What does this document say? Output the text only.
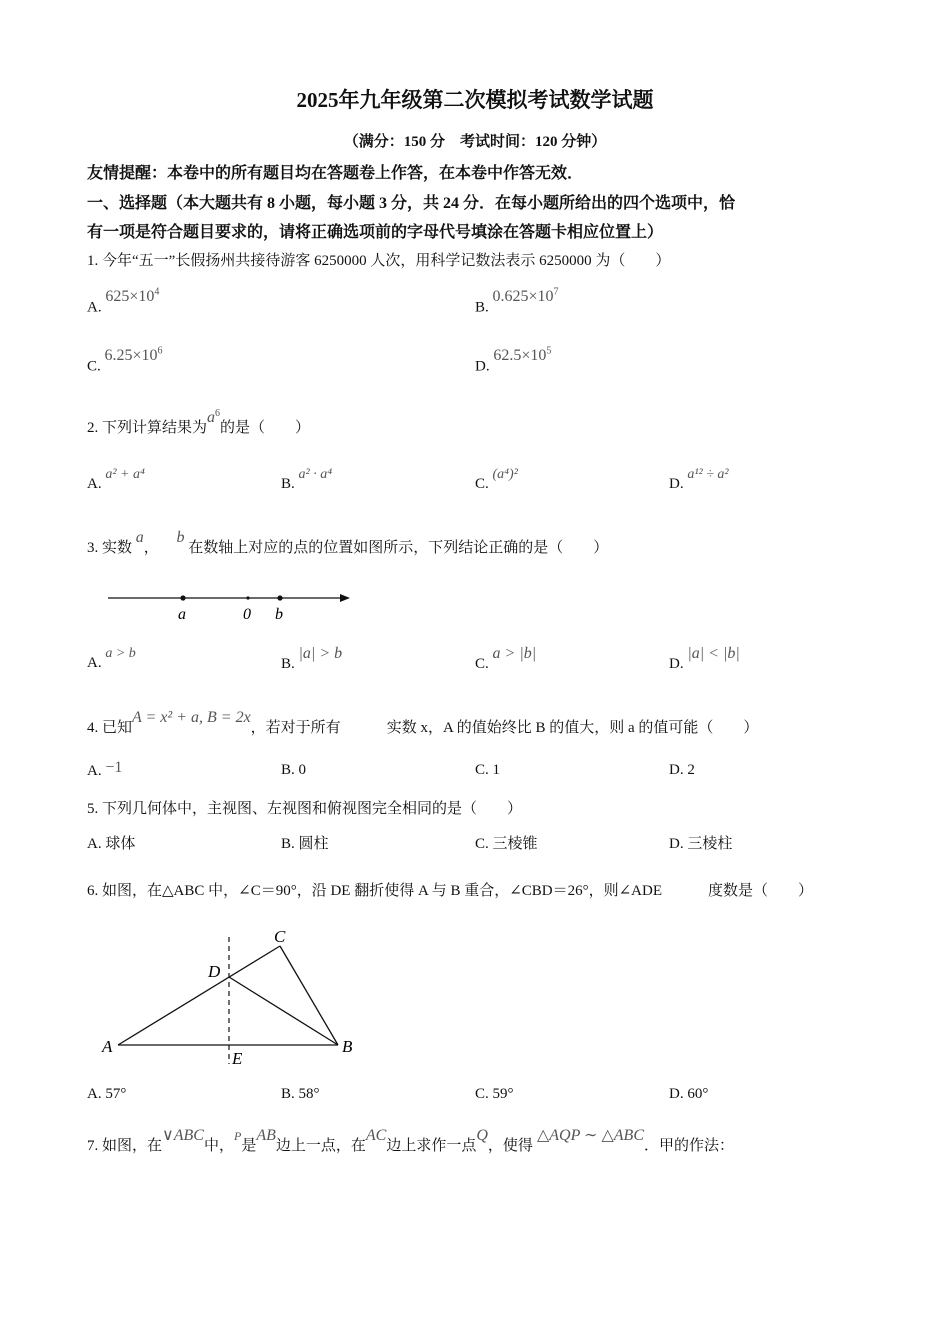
2025年九年级第二次模拟考试数学试题
（满分：150 分　考试时间：120 分钟）
友情提醒：本卷中的所有题目均在答题卷上作答，在本卷中作答无效．
一、选择题（本大题共有 8 小题，每小题 3 分，共 24 分．在每小题所给出的四个选项中，恰
有一项是符合题目要求的，请将正确选项前的字母代号填涂在答题卡相应位置上）
1. 今年“五一”长假扬州共接待游客 6250000 人次，用科学记数法表示 6250000 为（　　）
A. $625\times 10^4$
B. $0.625\times 10^7$
C. $6.25\times 10^6$
D. $62.5\times 10^5$
2. 下列计算结果为$a^6$的是（　　）
A. a² + a⁴
B. a² · a⁴
C. (a⁴)²
D. a¹² ÷ a²
3. 实数 a， b 在数轴上对应的点的位置如图所示，下列结论正确的是（　　）
a	0 b
A. a > b
B. |a| > b
C. a > |b|
D. |a| < |b|
4. 已知A = x² + a, B = 2x，若对于所有	实数 x，A 的值始终比 B 的值大，则 a 的值可能（　　）
A. −1	B. 0	C. 1	D. 2
5. 下列几何体中，主视图、左视图和俯视图完全相同的是（　　）
A. 球体	B. 圆柱	C. 三棱锥	D. 三棱柱
6. 如图，在△ABC 中，∠C＝90°，沿 DE 翻折使得 A 与 B 重合，∠CBD＝26°，则∠ADE	度数是（　　）
C
D
A	B
E
A. 57°	B. 58°	C. 59°	D. 60°
7. 如图，在∨ABC中，$^P$是AB边上一点，在AC边上求作一点Q，使得△AQP ∼ △ABC．甲的作法：
